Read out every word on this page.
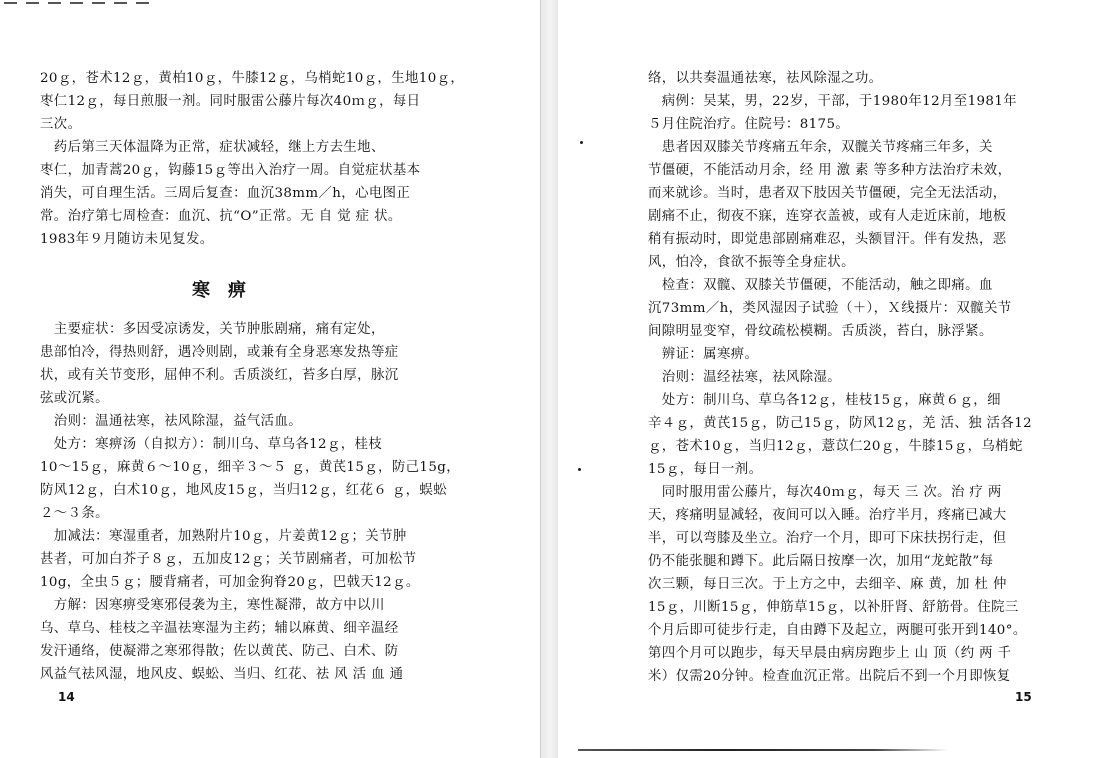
20ｇ，苍术12ｇ，黄柏10ｇ，牛膝12ｇ，乌梢蛇10ｇ，生地10ｇ，
枣仁12ｇ，每日煎服一剂。同时服雷公藤片每次40ｍｇ，每日
三次。
　药后第三天体温降为正常，症状减轻，继上方去生地、
枣仁，加青蒿20ｇ，钩藤15ｇ等出入治疗一周。自觉症状基本
消失，可自理生活。三周后复查：血沉38mm／h，心电图正
常。治疗第七周检查：血沉、抗“O”正常。无 自 觉 症 状。
1983年９月随访未见复发。
寒　痹
　主要症状：多因受凉诱发，关节肿胀剧痛，痛有定处，
患部怕冷，得热则舒，遇冷则剧，或兼有全身恶寒发热等症
状，或有关节变形，屈伸不利。舌质淡红，苔多白厚，脉沉
弦或沉紧。
　治则：温通祛寒，祛风除湿，益气活血。
　处方：寒痹汤（自拟方）：制川乌、草乌各12ｇ，桂枝
10～15ｇ，麻黄６～10ｇ，细辛３～５ ｇ，黄芪15ｇ，防己15g，
防风12ｇ，白术10ｇ，地风皮15ｇ，当归12ｇ，红花６ ｇ，蜈蚣
２～３条。
　加减法：寒湿重者，加熟附片10ｇ，片姜黄12ｇ；关节肿
甚者，可加白芥子８ｇ，五加皮12ｇ；关节剧痛者，可加松节
10g，全虫５ｇ；腰背痛者，可加金狗脊20ｇ，巴戟天12ｇ。
　方解：因寒痹受寒邪侵袭为主，寒性凝滞，故方中以川
乌、草乌、桂枝之辛温祛寒湿为主药；辅以麻黄、细辛温经
发汗通络，使凝滞之寒邪得散；佐以黄芪、防己、白术、防
风益气祛风湿，地风皮、蜈蚣、当归、红花、祛 风 活 血 通
14
络，以共奏温通祛寒，祛风除湿之功。
　病例：吴某，男，22岁，干部，于1980年12月至1981年
５月住院治疗。住院号：8175。
　患者因双膝关节疼痛五年余，双髋关节疼痛三年多，关
节僵硬，不能活动月余，经 用 激 素 等多种方法治疗未效，
而来就诊。当时，患者双下肢因关节僵硬，完全无法活动，
剧痛不止，彻夜不寐，连穿衣盖被，或有人走近床前，地板
稍有振动时，即觉患部剧痛难忍，头额冒汗。伴有发热，恶
风，怕冷，食欲不振等全身症状。
　检查：双髋、双膝关节僵硬，不能活动，触之即痛。血
沉73mm／h，类风湿因子试验（＋），Ｘ线摄片：双髋关节
间隙明显变窄，骨纹疏松模糊。舌质淡，苔白，脉浮紧。
　辨证：属寒痹。
　治则：温经祛寒，祛风除湿。
　处方：制川乌、草乌各12ｇ，桂枝15ｇ，麻黄６ｇ，细
辛４ｇ，黄芪15ｇ，防己15ｇ，防风12ｇ，羌 活、独 活各12
ｇ，苍术10ｇ，当归12ｇ，薏苡仁20ｇ，牛膝15ｇ，乌梢蛇
15ｇ，每日一剂。
　同时服用雷公藤片，每次40ｍｇ，每天 三 次。治 疗 两
天，疼痛明显减轻，夜间可以入睡。治疗半月，疼痛已减大
半，可以弯膝及坐立。治疗一个月，即可下床扶拐行走，但
仍不能张腿和蹲下。此后隔日按摩一次，加用“龙蛇散”每
次三颗，每日三次。于上方之中，去细辛、麻 黄，加 杜 仲
15ｇ，川断15ｇ，伸筋草15ｇ，以补肝肾、舒筋骨。住院三
个月后即可徒步行走，自由蹲下及起立，两腿可张开到140°。
第四个月可以跑步，每天早晨由病房跑步上 山 顶（约 两 千
米）仅需20分钟。检查血沉正常。出院后不到一个月即恢复
15
